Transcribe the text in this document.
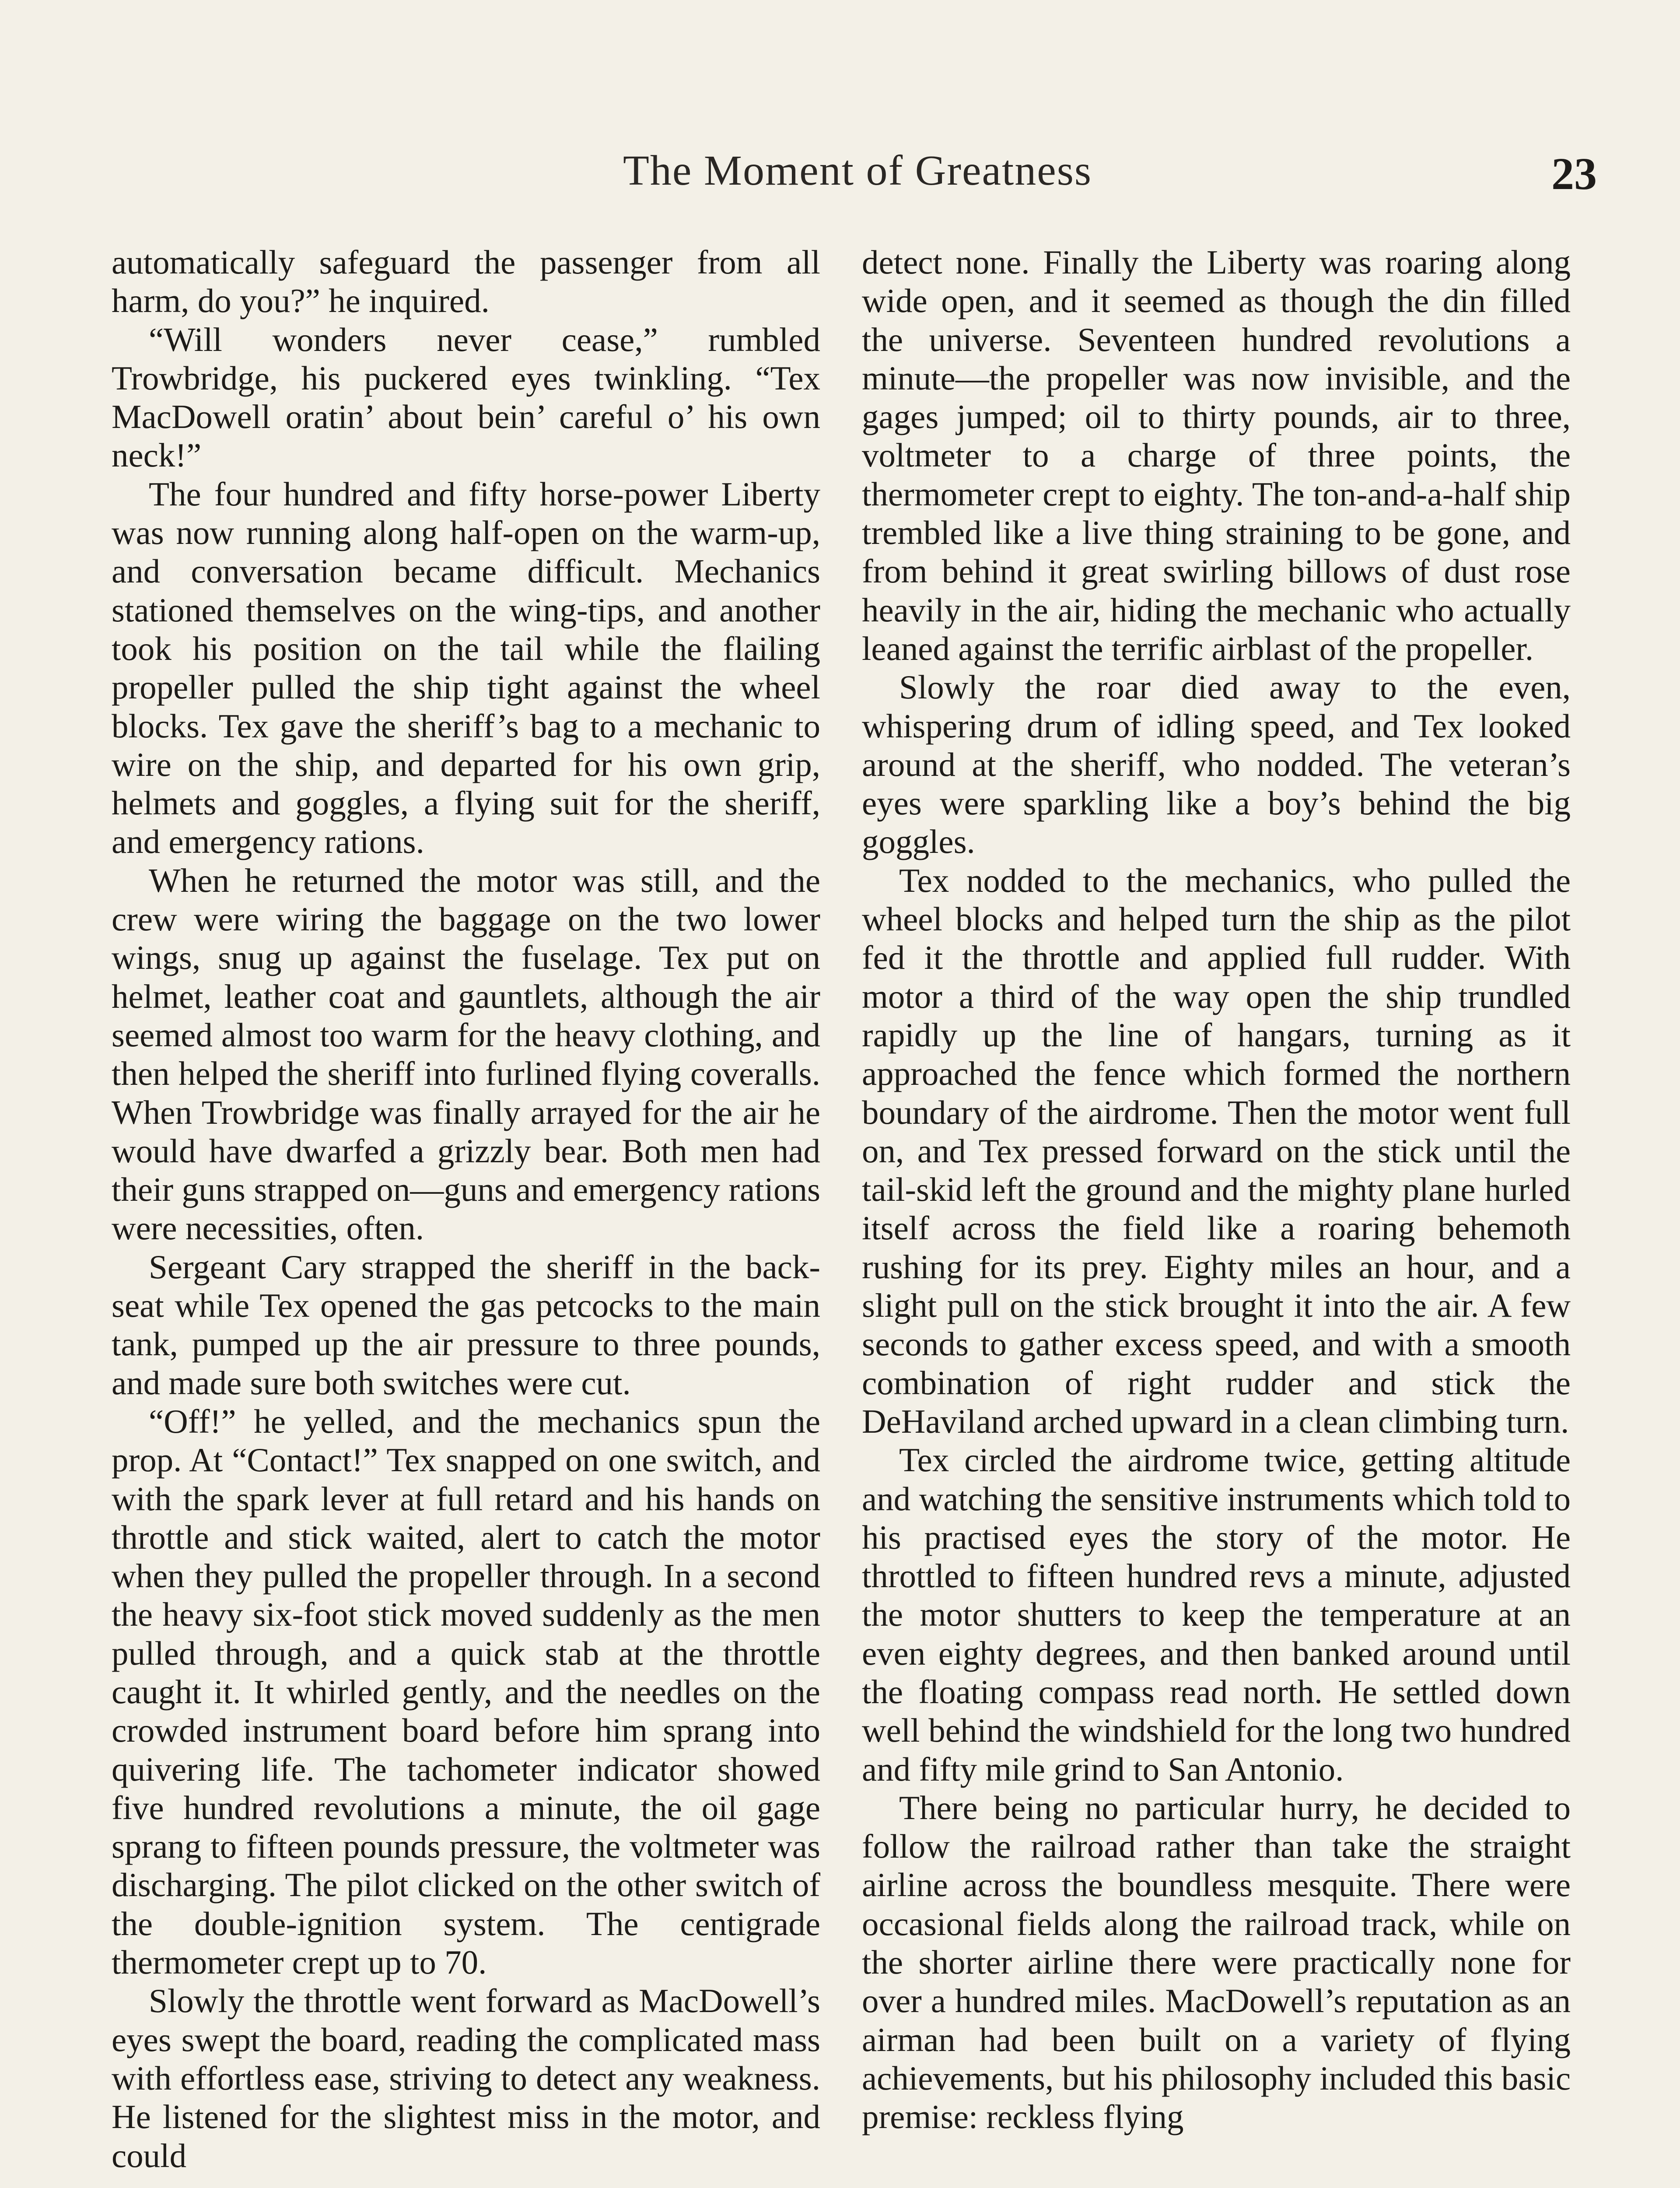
The Moment of Greatness	23

automatically safeguard the passenger from all harm, do you?” he inquired.

“Will wonders never cease,” rumbled Trowbridge, his puckered eyes twinkling. “Tex MacDowell oratin’ about bein’ careful o’ his own neck!”

The four hundred and fifty horse-power Liberty was now running along half-open on the warm-up, and conversation became difficult. Mechanics stationed themselves on the wing-tips, and another took his position on the tail while the flailing propeller pulled the ship tight against the wheel blocks. Tex gave the sheriff’s bag to a mechanic to wire on the ship, and departed for his own grip, helmets and goggles, a flying suit for the sheriff, and emergency rations.

When he returned the motor was still, and the crew were wiring the baggage on the two lower wings, snug up against the fuselage. Tex put on helmet, leather coat and gauntlets, although the air seemed almost too warm for the heavy clothing, and then helped the sheriff into furlined flying coveralls. When Trowbridge was finally arrayed for the air he would have dwarfed a grizzly bear. Both men had their guns strapped on—guns and emergency rations were necessities, often.

Sergeant Cary strapped the sheriff in the back-seat while Tex opened the gas petcocks to the main tank, pumped up the air pressure to three pounds, and made sure both switches were cut.

“Off!” he yelled, and the mechanics spun the prop. At “Contact!” Tex snapped on one switch, and with the spark lever at full retard and his hands on throttle and stick waited, alert to catch the motor when they pulled the propeller through. In a second the heavy six-foot stick moved suddenly as the men pulled through, and a quick stab at the throttle caught it. It whirled gently, and the needles on the crowded instrument board before him sprang into quivering life. The tachometer indicator showed five hundred revolutions a minute, the oil gage sprang to fifteen pounds pressure, the voltmeter was discharging. The pilot clicked on the other switch of the double-ignition system. The centigrade thermometer crept up to 70.

Slowly the throttle went forward as MacDowell’s eyes swept the board, reading the complicated mass with effortless ease, striving to detect any weakness. He listened for the slightest miss in the motor, and could

detect none. Finally the Liberty was roaring along wide open, and it seemed as though the din filled the universe. Seventeen hundred revolutions a minute—the propeller was now invisible, and the gages jumped; oil to thirty pounds, air to three, voltmeter to a charge of three points, the thermometer crept to eighty. The ton-and-a-half ship trembled like a live thing straining to be gone, and from behind it great swirling billows of dust rose heavily in the air, hiding the mechanic who actually leaned against the terrific airblast of the propeller.

Slowly the roar died away to the even, whispering drum of idling speed, and Tex looked around at the sheriff, who nodded. The veteran’s eyes were sparkling like a boy’s behind the big goggles.

Tex nodded to the mechanics, who pulled the wheel blocks and helped turn the ship as the pilot fed it the throttle and applied full rudder. With motor a third of the way open the ship trundled rapidly up the line of hangars, turning as it approached the fence which formed the northern boundary of the airdrome. Then the motor went full on, and Tex pressed forward on the stick until the tail-skid left the ground and the mighty plane hurled itself across the field like a roaring behemoth rushing for its prey. Eighty miles an hour, and a slight pull on the stick brought it into the air. A few seconds to gather excess speed, and with a smooth combination of right rudder and stick the DeHaviland arched upward in a clean climbing turn.

Tex circled the airdrome twice, getting altitude and watching the sensitive instruments which told to his practised eyes the story of the motor. He throttled to fifteen hundred revs a minute, adjusted the motor shutters to keep the temperature at an even eighty degrees, and then banked around until the floating compass read north. He settled down well behind the windshield for the long two hundred and fifty mile grind to San Antonio.

There being no particular hurry, he decided to follow the railroad rather than take the straight airline across the boundless mesquite. There were occasional fields along the railroad track, while on the shorter airline there were practically none for over a hundred miles. MacDowell’s reputation as an airman had been built on a variety of flying achievements, but his philosophy included this basic premise: reckless flying
